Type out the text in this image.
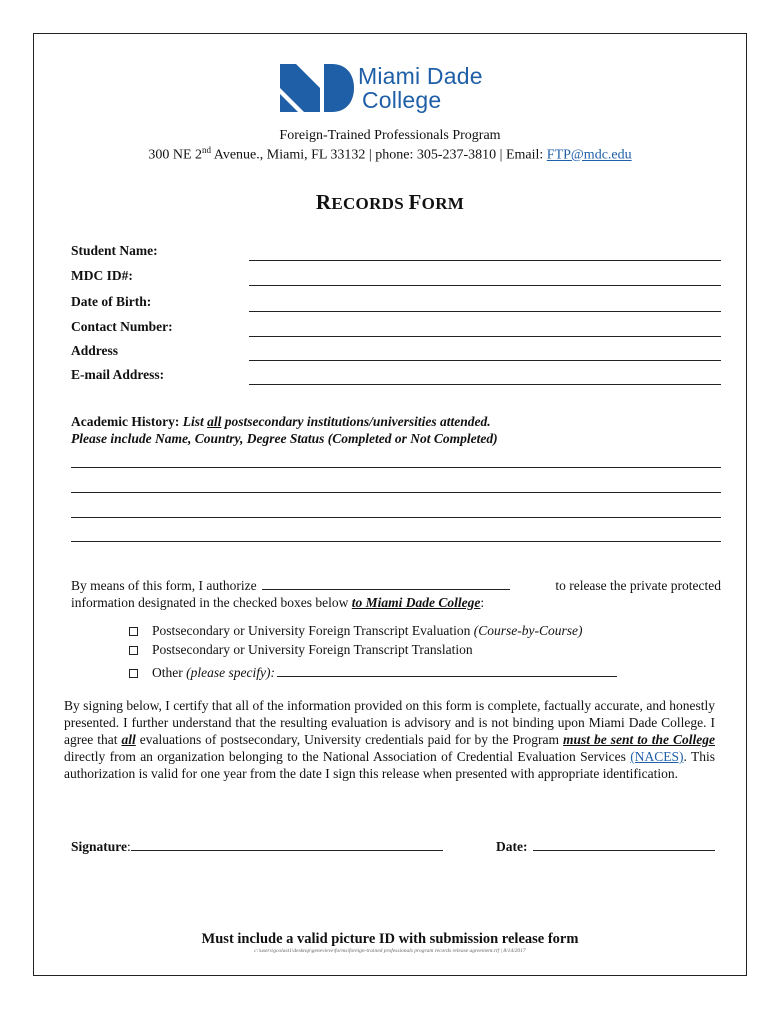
Miami Dade
College
Foreign-Trained Professionals Program
300 NE 2nd Avenue., Miami, FL 33132 | phone: 305-237-3810 | Email: FTP@mdc.edu
RECORDS FORM
Student Name:
MDC ID#:
Date of Birth:
Contact Number:
Address
E-mail Address:
Academic History: List all postsecondary institutions/universities attended.
Please include Name, Country, Degree Status (Completed or Not Completed)
By means of this form, I authorize	to release the private protected
information designated in the checked boxes below to Miami Dade College:
Postsecondary or University Foreign Transcript Evaluation (Course-by-Course)
Postsecondary or University Foreign Transcript Translation
Other (please specify):
By signing below, I certify that all of the information provided on this form is complete, factually accurate, and honestly presented. I further understand that the resulting evaluation is advisory and is not binding upon Miami Dade College. I agree that all evaluations of postsecondary, University credentials paid for by the Program must be sent to the College directly from an organization belonging to the National Association of Credential Evaluation Services (NACES). This authorization is valid for one year from the date I sign this release when presented with appropriate identification.
Signature:	Date:
Must include a valid picture ID with submission release form
c:\users\gcolast1\desktop\genevieve\forms\foreign-trained professionals program records release agreement.rtf | 8/14/2017
